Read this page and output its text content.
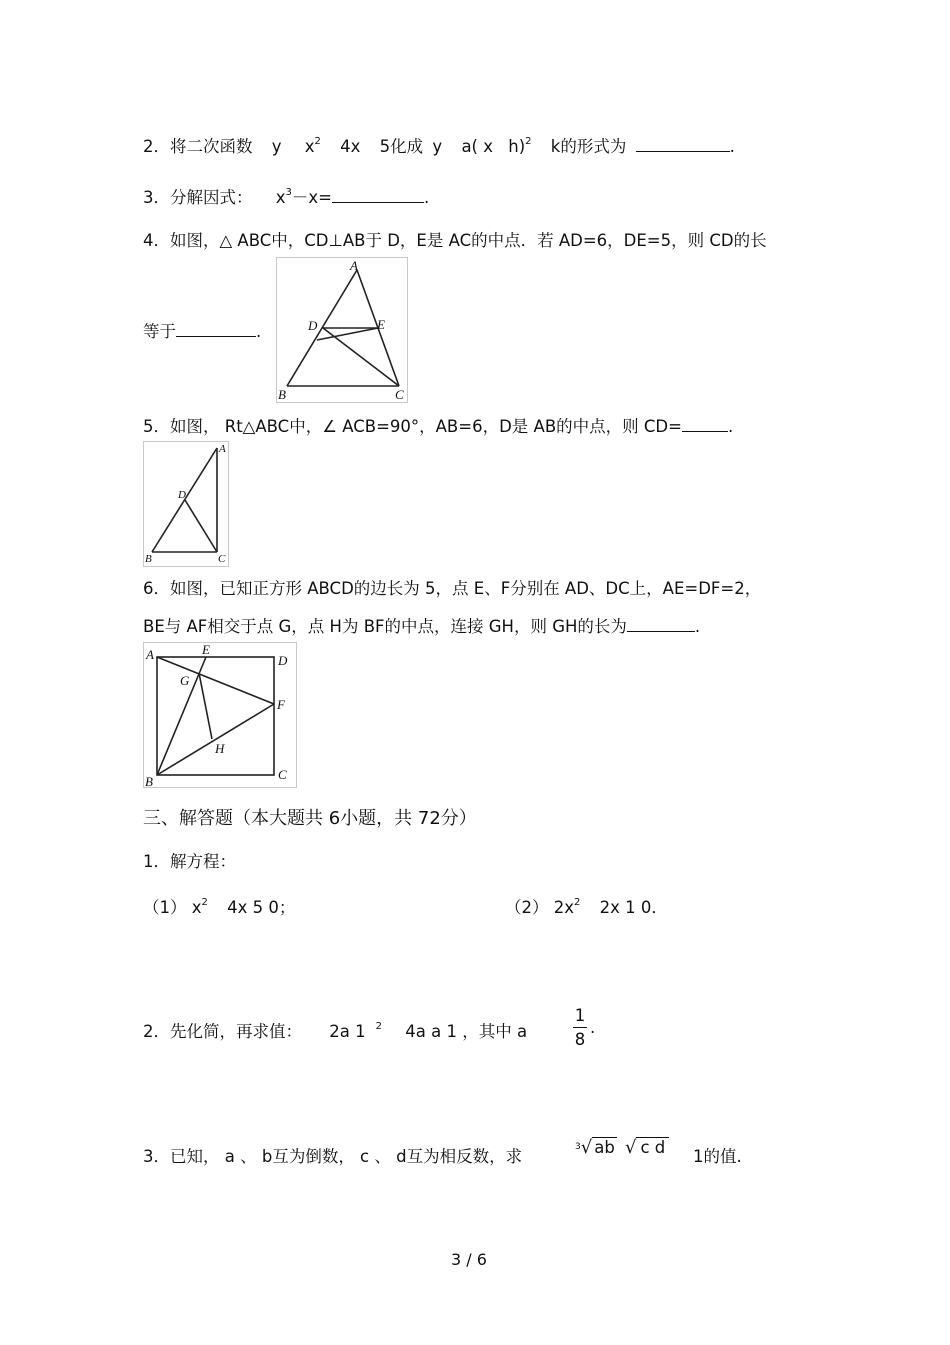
2．将二次函数 y $x^2$ 4x 5化成 y a( x h)$^2$ k的形式为	.
3．分解因式： $x^3-x=$	.
4．如图，△ ABC中，CD⊥AB于 D，E是 AC的中点．若 AD=6，DE=5，则 CD的长
等于	.
A
B	C
D	E
5．如图， Rt△ABC中，∠ ACB=90°，AB=6，D是 AB的中点，则 CD=	.
A
B	C
D
6．如图，已知正方形 ABCD的边长为 5，点 E、F分别在 AD、DC上，AE=DF=2，
BE与 AF相交于点 G，点 H为 BF的中点，连接 GH，则 GH的长为	.
A
B	C
D
E
F
G
H
三、解答题（本大题共 6小题，共 72分）
1．解方程：
（1） $x^2$ 4x 5 0；	（2） $2x^2$ 2x 1 0．
2．先化简，再求值： 2a 1 $^2$ 4a a 1 ，其中 a
1
8
.
3．已知， a 、 b互为倒数， c 、 d互为相反数，求	$^3$√ ab √ c d 1的值.
3 / 6
